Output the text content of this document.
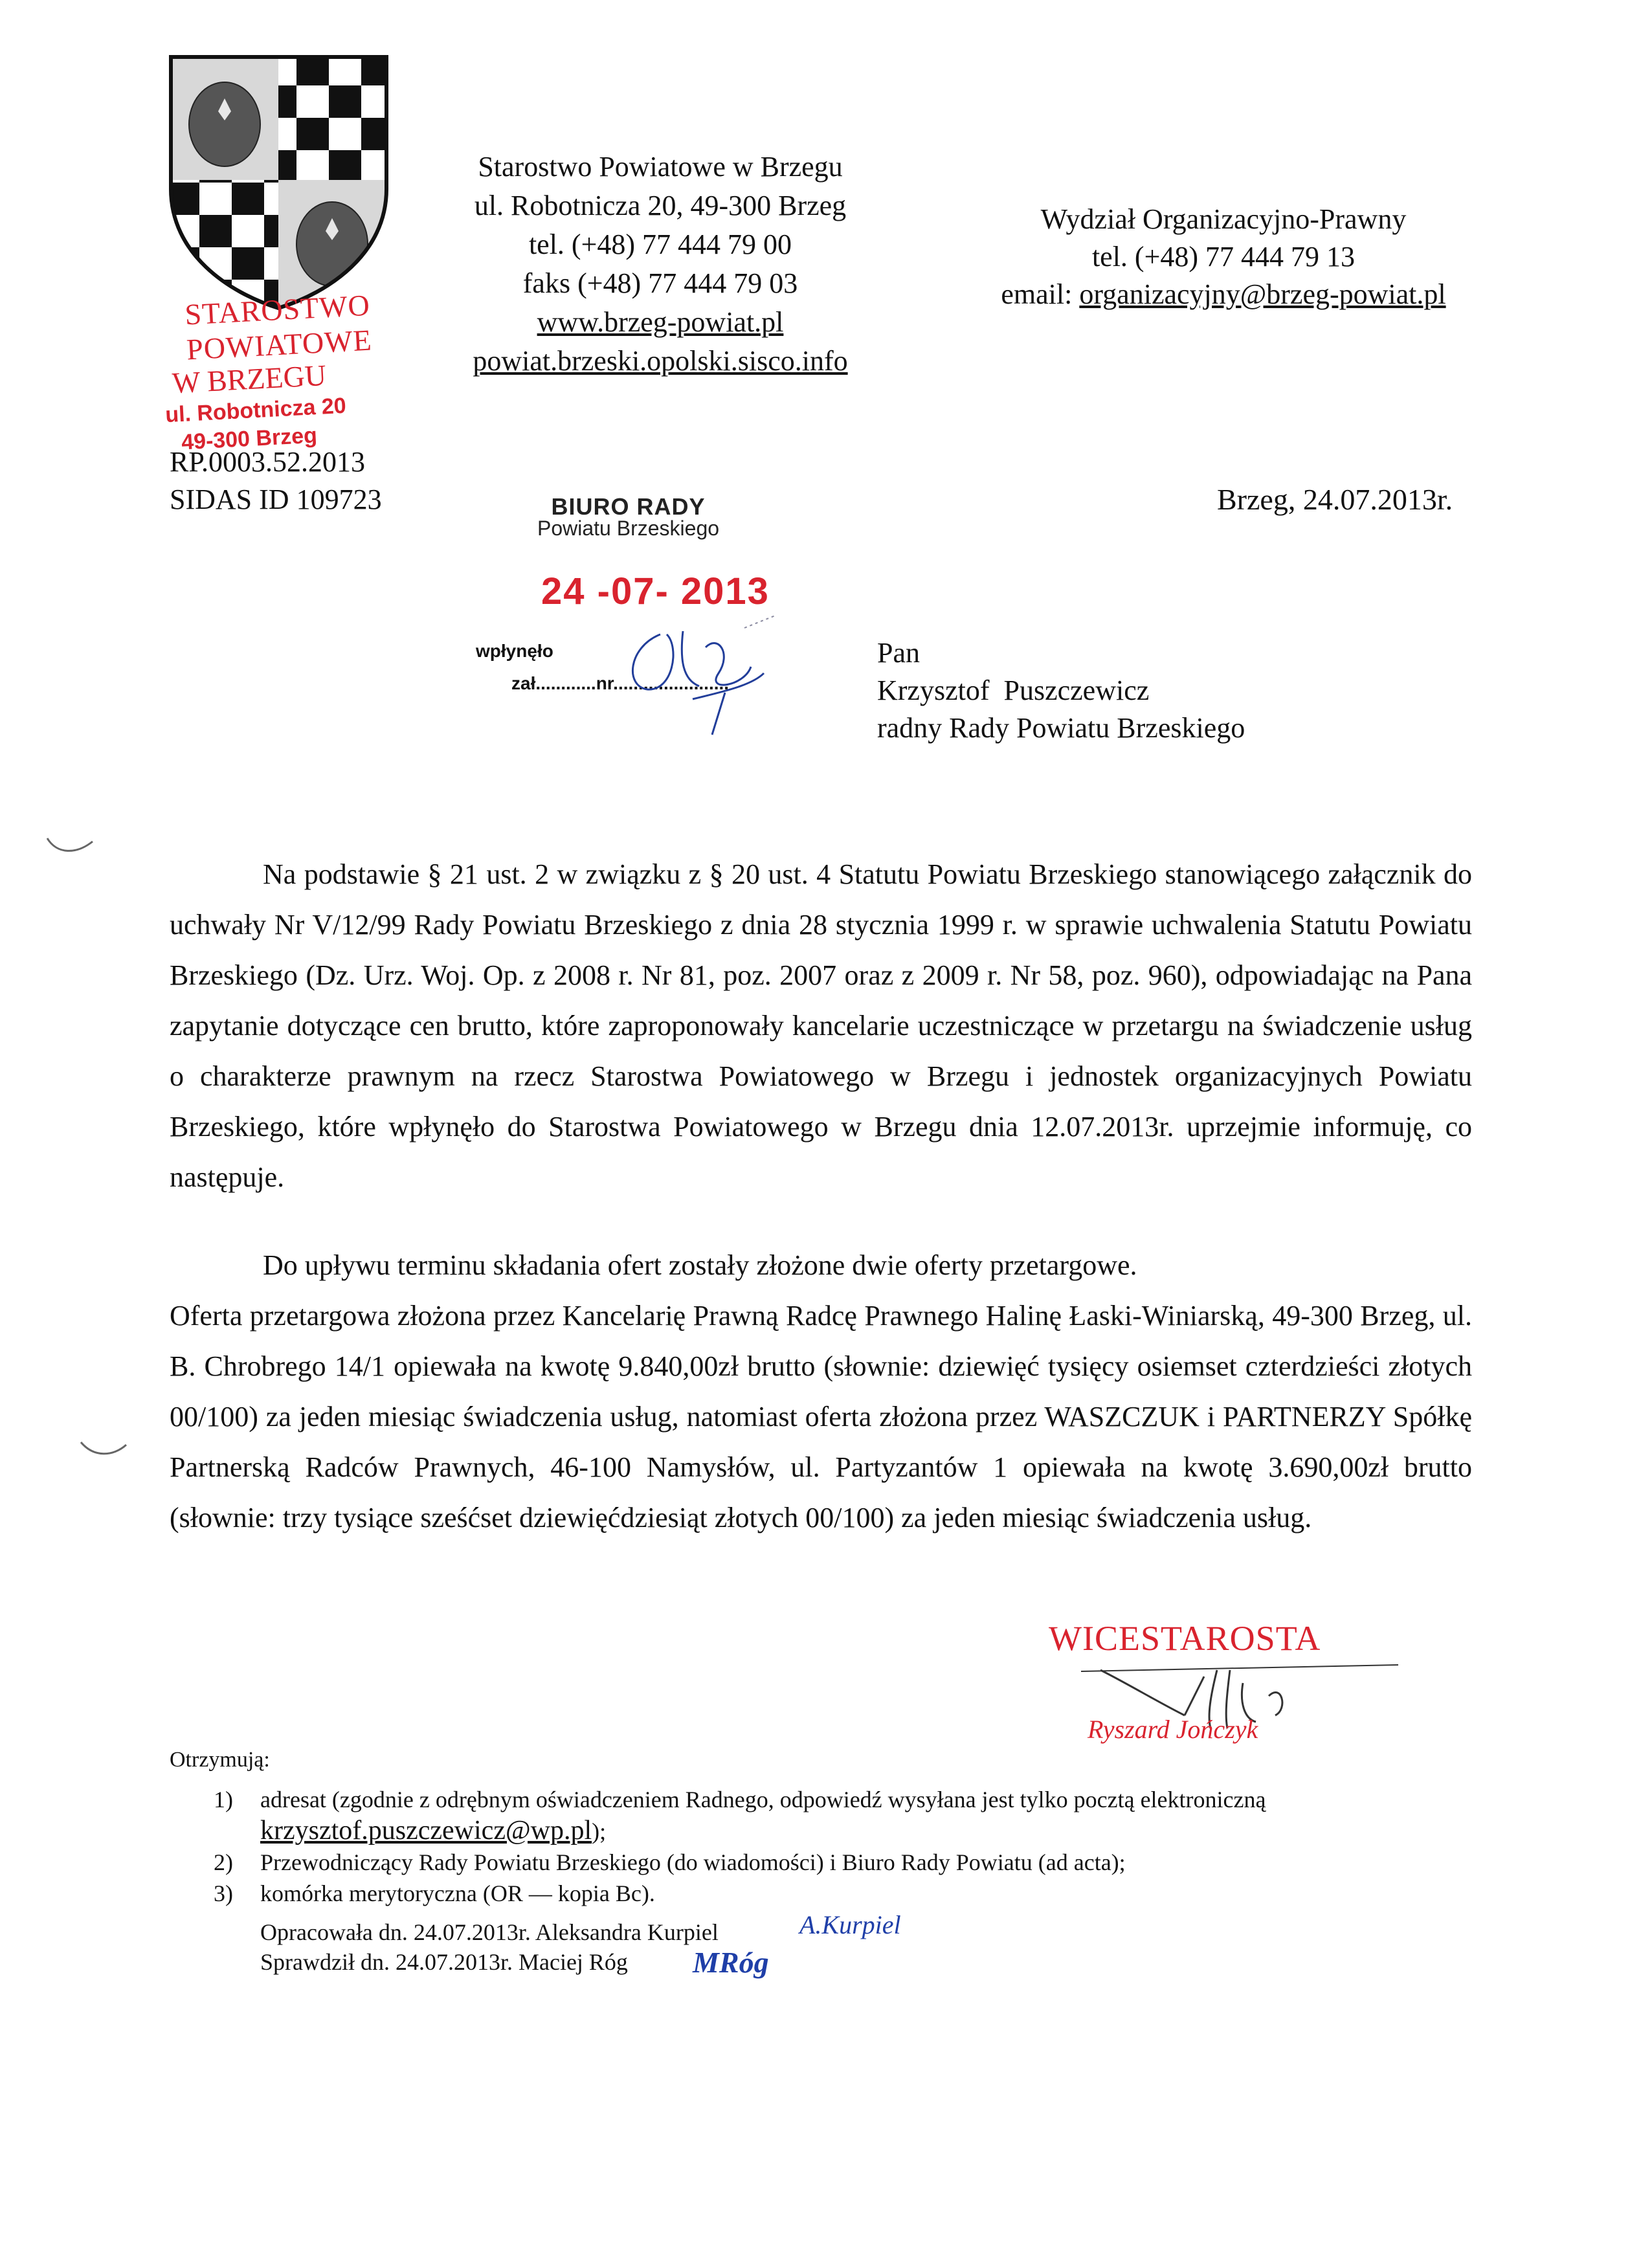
Starostwo Powiatowe w Brzegu
ul. Robotnicza 20, 49-300 Brzeg
tel. (+48) 77 444 79 00
faks (+48) 77 444 79 03
www.brzeg-powiat.pl
powiat.brzeski.opolski.sisco.info
Wydział Organizacyjno-Prawny
tel. (+48) 77 444 79 13
email: organizacyjny@brzeg-powiat.pl
STAROSTWO POWIATOWE
W BRZEGU
ul. Robotnicza 20
49-300 Brzeg
RP.0003.52.2013
SIDAS ID 109723	BIURO RADY
Powiatu Brzeskiego
24 -07- 2013
wpłynęło
zał............nr.......................
Brzeg, 24.07.2013r.
Pan
Krzysztof  Puszczewicz
radny Rady Powiatu Brzeskiego
Na podstawie § 21 ust. 2 w związku z § 20 ust. 4 Statutu Powiatu Brzeskiego stanowiącego załącznik do uchwały Nr V/12/99 Rady Powiatu Brzeskiego z dnia 28 stycznia 1999 r. w sprawie uchwalenia Statutu Powiatu Brzeskiego (Dz. Urz. Woj. Op. z 2008 r. Nr 81, poz. 2007 oraz z 2009 r. Nr 58, poz. 960), odpowiadając na Pana zapytanie dotyczące cen brutto, które zaproponowały kancelarie uczestniczące w przetargu na świadczenie usług o charakterze prawnym na rzecz Starostwa Powiatowego w Brzegu i jednostek organizacyjnych Powiatu Brzeskiego, które wpłynęło do Starostwa Powiatowego w Brzegu dnia 12.07.2013r. uprzejmie informuję, co następuje.
Do upływu terminu składania ofert zostały złożone dwie oferty przetargowe.
Oferta przetargowa złożona przez Kancelarię Prawną Radcę Prawnego Halinę Łaski-Winiarską, 49-300 Brzeg, ul. B. Chrobrego 14/1 opiewała na kwotę 9.840,00zł brutto (słownie: dziewięć tysięcy osiemset czterdzieści złotych 00/100) za jeden miesiąc świadczenia usług, natomiast oferta złożona przez WASZCZUK i PARTNERZY Spółkę Partnerską Radców Prawnych, 46-100 Namysłów, ul. Partyzantów 1 opiewała na kwotę 3.690,00zł brutto (słownie: trzy tysiące sześćset dziewięćdziesiąt złotych 00/100) za jeden miesiąc świadczenia usług.
WICESTAROSTA
Ryszard Jończyk
Otrzymują:
1) adresat (zgodnie z odrębnym oświadczeniem Radnego, odpowiedź wysyłana jest tylko pocztą elektroniczną
krzysztof.puszczewicz@wp.pl);
2) Przewodniczący Rady Powiatu Brzeskiego (do wiadomości) i Biuro Rady Powiatu (ad acta);
3) komórka merytoryczna (OR — kopia Bc).
Opracowała dn. 24.07.2013r. Aleksandra Kurpiel
Sprawdził dn. 24.07.2013r. Maciej Róg
A.Kurpiel
MRóg
